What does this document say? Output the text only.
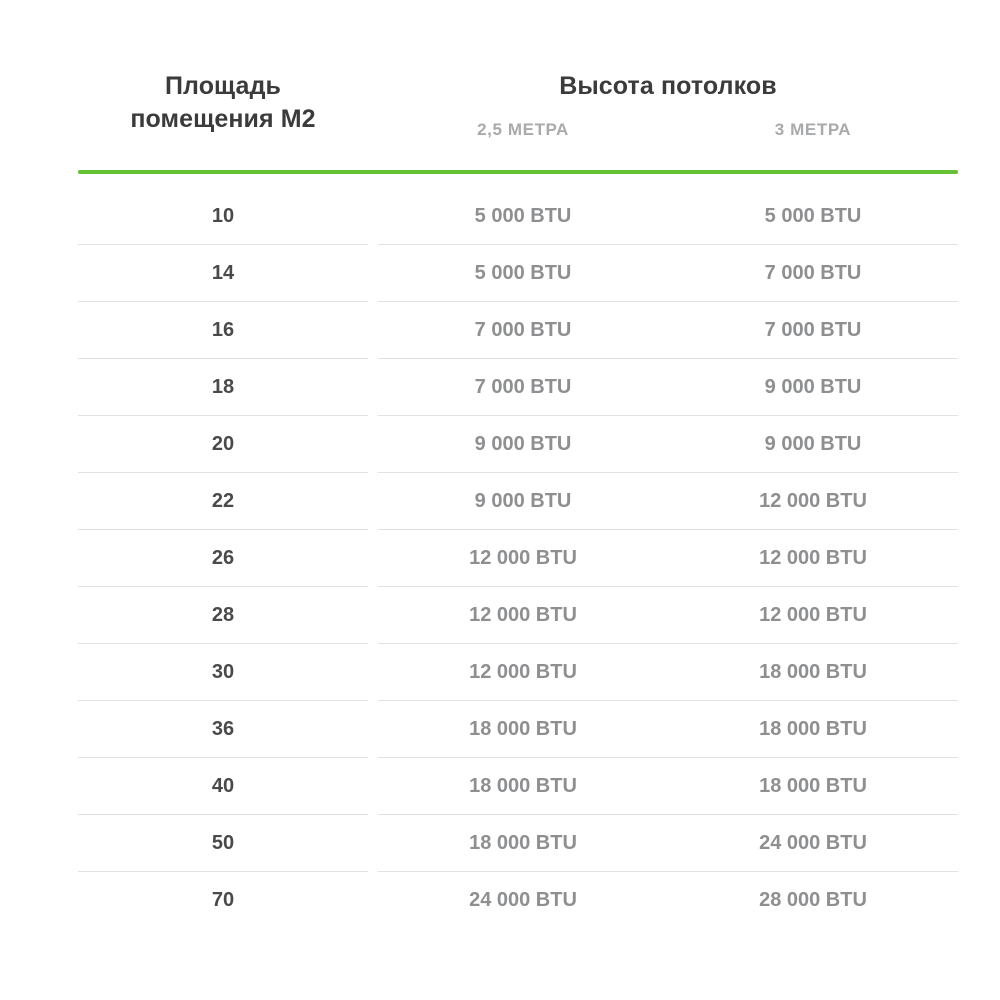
Площадь
помещения М2
Высота потолков
2,5 МЕТРА	3 МЕТРА
10	5 000 BTU	5 000 BTU
14	5 000 BTU	7 000 BTU
16	7 000 BTU	7 000 BTU
18	7 000 BTU	9 000 BTU
20	9 000 BTU	9 000 BTU
22	9 000 BTU	12 000 BTU
26	12 000 BTU	12 000 BTU
28	12 000 BTU	12 000 BTU
30	12 000 BTU	18 000 BTU
36	18 000 BTU	18 000 BTU
40	18 000 BTU	18 000 BTU
50	18 000 BTU	24 000 BTU
70	24 000 BTU	28 000 BTU
